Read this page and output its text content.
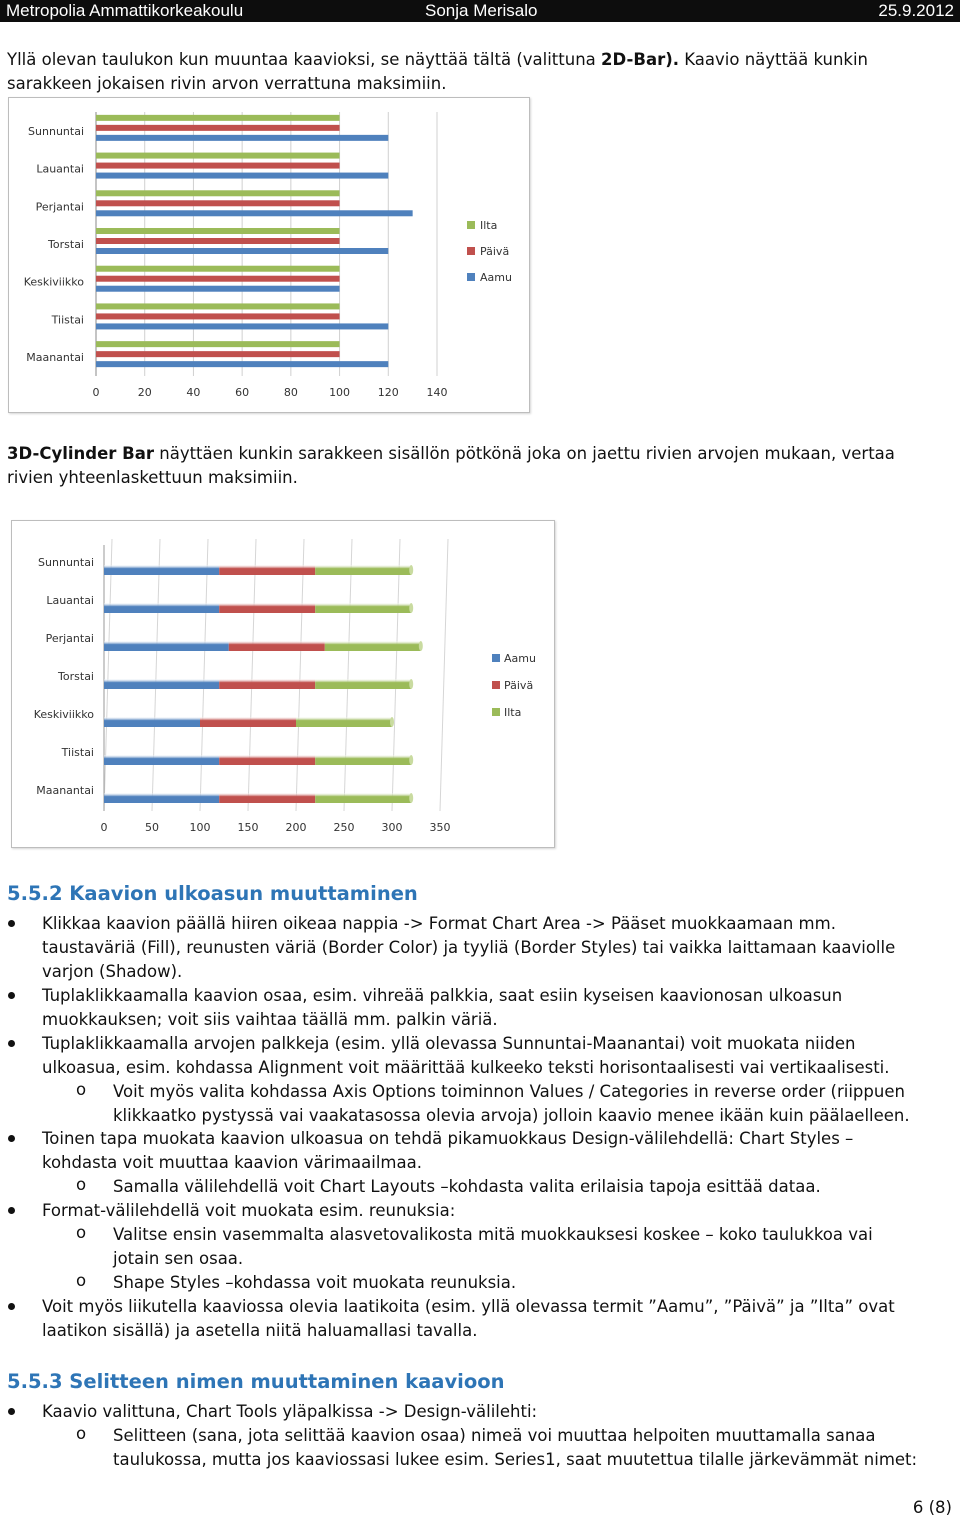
Metropolia Ammattikorkeakoulu	Sonja Merisalo	25.9.2012
Yllä olevan taulukon kun muuntaa kaavioksi, se näyttää tältä (valittuna 2D-Bar). Kaavio näyttää kunkin
sarakkeen jokaisen rivin arvon verrattuna maksimiin.
0	20	40	60	80	100	120	140
Maanantai
Tiistai
Keskiviikko
Torstai
Perjantai
Lauantai
Sunnuntai
Ilta
Päivä
Aamu
3D-Cylinder Bar näyttäen kunkin sarakkeen sisällön pötkönä joka on jaettu rivien arvojen mukaan, vertaa
rivien yhteenlaskettuun maksimiin.
0	50	100 150 200 250 300 350
Maanantai
Tiistai
Keskiviikko
Torstai
Perjantai
Lauantai
Sunnuntai
Aamu
Päivä
Ilta
5.5.2 Kaavion ulkoasun muuttaminen
Klikkaa kaavion päällä hiiren oikeaa nappia -> Format Chart Area -> Pääset muokkaamaan mm.
taustaväriä (Fill), reunusten väriä (Border Color) ja tyyliä (Border Styles) tai vaikka laittamaan kaaviolle
varjon (Shadow).
Tuplaklikkaamalla kaavion osaa, esim. vihreää palkkia, saat esiin kyseisen kaavionosan ulkoasun
muokkauksen; voit siis vaihtaa täällä mm. palkin väriä.
Tuplaklikkaamalla arvojen palkkeja (esim. yllä olevassa Sunnuntai-Maanantai) voit muokata niiden
ulkoasua, esim. kohdassa Alignment voit määrittää kulkeeko teksti horisontaalisesti vai vertikaalisesti.
o Voit myös valita kohdassa Axis Options toiminnon Values / Categories in reverse order (riippuen
klikkaatko pystyssä vai vaakatasossa olevia arvoja) jolloin kaavio menee ikään kuin päälaelleen.
Toinen tapa muokata kaavion ulkoasua on tehdä pikamuokkaus Design-välilehdellä: Chart Styles –
kohdasta voit muuttaa kaavion värimaailmaa.
o Samalla välilehdellä voit Chart Layouts –kohdasta valita erilaisia tapoja esittää dataa.
Format-välilehdellä voit muokata esim. reunuksia:
o Valitse ensin vasemmalta alasvetovalikosta mitä muokkauksesi koskee – koko taulukkoa vai
jotain sen osaa.
o Shape Styles –kohdassa voit muokata reunuksia.
Voit myös liikutella kaaviossa olevia laatikoita (esim. yllä olevassa termit ”Aamu”, ”Päivä” ja ”Ilta” ovat
laatikon sisällä) ja asetella niitä haluamallasi tavalla.
5.5.3 Selitteen nimen muuttaminen kaavioon
Kaavio valittuna, Chart Tools yläpalkissa -> Design-välilehti:
o Selitteen (sana, jota selittää kaavion osaa) nimeä voi muuttaa helpoiten muuttamalla sanaa
taulukossa, mutta jos kaaviossasi lukee esim. Series1, saat muutettua tilalle järkevämmät nimet:
6 (8)
